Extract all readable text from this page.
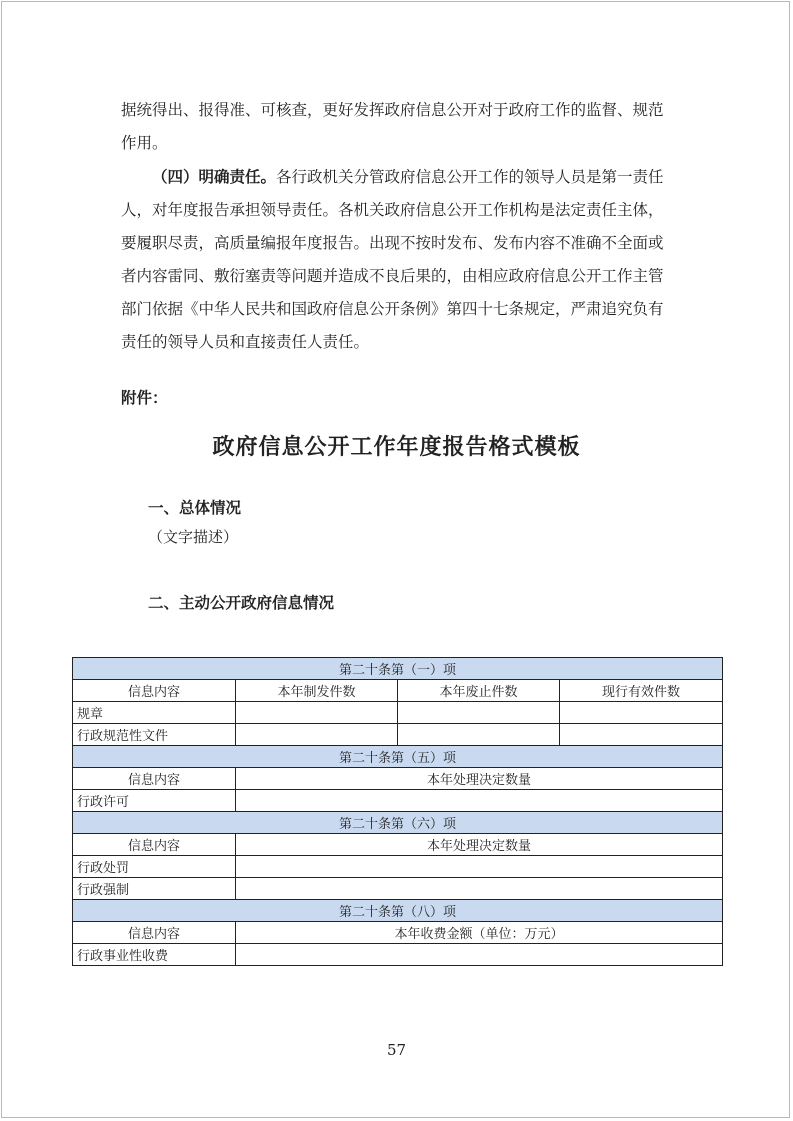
据统得出、报得准、可核查，更好发挥政府信息公开对于政府工作的监督、规范
作用。

（四）明确责任。各行政机关分管政府信息公开工作的领导人员是第一责任
人，对年度报告承担领导责任。各机关政府信息公开工作机构是法定责任主体，
要履职尽责，高质量编报年度报告。出现不按时发布、发布内容不准确不全面或
者内容雷同、敷衍塞责等问题并造成不良后果的，由相应政府信息公开工作主管
部门依据《中华人民共和国政府信息公开条例》第四十七条规定，严肃追究负有
责任的领导人员和直接责任人责任。

附件：

政府信息公开工作年度报告格式模板

一、总体情况

（文字描述）

二、主动公开政府信息情况

第二十条第（一）项			
信息内容	本年制发件数	本年废止件数	现行有效件数
规章			
行政规范性文件			
第二十条第（五）项			
信息内容	本年处理决定数量		
行政许可			
第二十条第（六）项			
信息内容	本年处理决定数量		
行政处罚			
行政强制			
第二十条第（八）项			
信息内容	本年收费金额（单位：万元）		
行政事业性收费			

57
